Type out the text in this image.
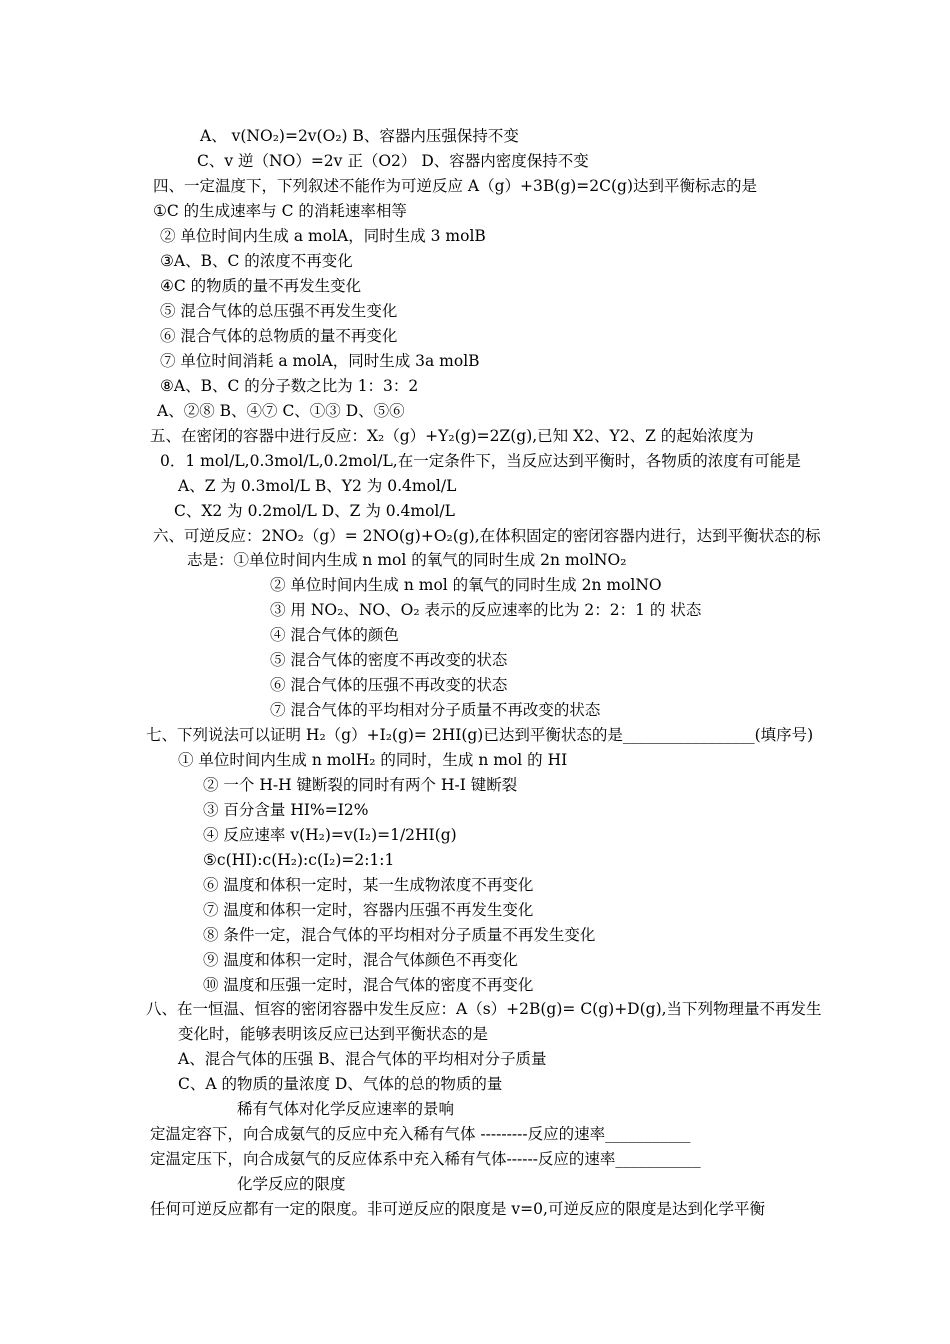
A、 v(NO₂)=2v(O₂) B、容器内压强保持不变
C、v 逆（NO）=2v 正（O2） D、容器内密度保持不变
四、一定温度下，下列叙述不能作为可逆反应 A（g）+3B(g)=2C(g)达到平衡标志的是
①C 的生成速率与 C 的消耗速率相等
② 单位时间内生成 a molA，同时生成 3 molB
③A、B、C 的浓度不再变化
④C 的物质的量不再发生变化
⑤ 混合气体的总压强不再发生变化
⑥ 混合气体的总物质的量不再变化
⑦ 单位时间消耗 a molA，同时生成 3a molB
⑧A、B、C 的分子数之比为 1：3：2
A、②⑧ B、④⑦ C、①③ D、⑤⑥
五、在密闭的容器中进行反应：X₂（g）+Y₂(g)=2Z(g),已知 X2、Y2、Z 的起始浓度为
0．1 mol/L,0.3mol/L,0.2mol/L,在一定条件下，当反应达到平衡时，各物质的浓度有可能是
A、Z 为 0.3mol/L B、Y2 为 0.4mol/L
C、X2 为 0.2mol/L D、Z 为 0.4mol/L
六、可逆反应：2NO₂（g）= 2NO(g)+O₂(g),在体积固定的密闭容器内进行，达到平衡状态的标
志是：①单位时间内生成 n mol 的氧气的同时生成 2n molNO₂
② 单位时间内生成 n mol 的氧气的同时生成 2n molNO
③ 用 NO₂、NO、O₂ 表示的反应速率的比为 2：2：1 的 状态
④ 混合气体的颜色
⑤ 混合气体的密度不再改变的状态
⑥ 混合气体的压强不再改变的状态
⑦ 混合气体的平均相对分子质量不再改变的状态
七、下列说法可以证明 H₂（g）+I₂(g)= 2HI(g)已达到平衡状态的是_________________(填序号)
① 单位时间内生成 n molH₂ 的同时，生成 n mol 的 HI
② 一个 H-H 键断裂的同时有两个 H-I 键断裂
③ 百分含量 HI%=I2%
④ 反应速率 v(H₂)=v(I₂)=1/2HI(g)
⑤c(HI):c(H₂):c(I₂)=2:1:1
⑥ 温度和体积一定时，某一生成物浓度不再变化
⑦ 温度和体积一定时，容器内压强不再发生变化
⑧ 条件一定，混合气体的平均相对分子质量不再发生变化
⑨ 温度和体积一定时，混合气体颜色不再变化
⑩ 温度和压强一定时，混合气体的密度不再变化
八、在一恒温、恒容的密闭容器中发生反应：A（s）+2B(g)= C(g)+D(g),当下列物理量不再发生
变化时，能够表明该反应已达到平衡状态的是
A、混合气体的压强 B、混合气体的平均相对分子质量
C、A 的物质的量浓度 D、气体的总的物质的量
稀有气体对化学反应速率的景响
定温定容下，向合成氨气的反应中充入稀有气体 ---------反应的速率___________
定温定压下，向合成氨气的反应体系中充入稀有气体------反应的速率___________
化学反应的限度
任何可逆反应都有一定的限度。非可逆反应的限度是 v=0,可逆反应的限度是达到化学平衡
